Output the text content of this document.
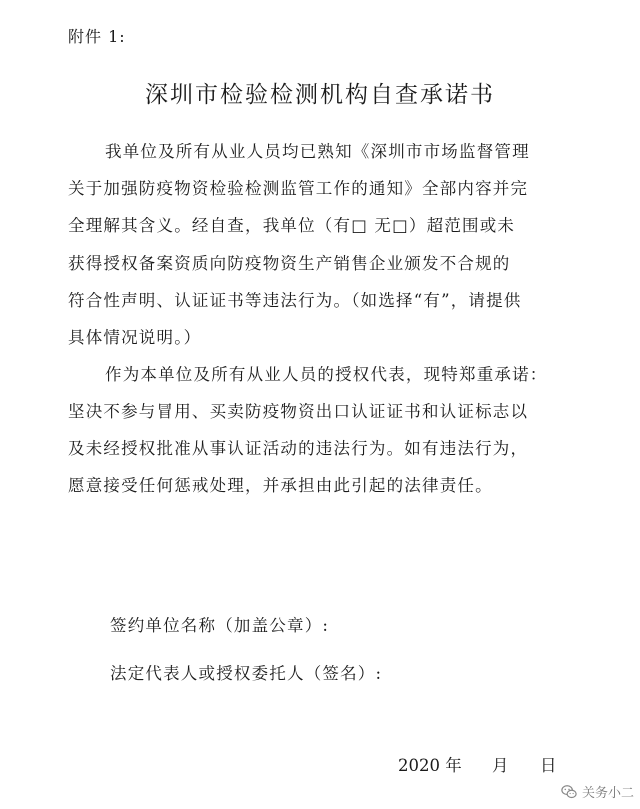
附件 1:
深圳市检验检测机构自查承诺书
我单位及所有从业人员均已熟知《深圳市市场监督管理
关于加强防疫物资检验检测监管工作的通知》全部内容并完
全理解其含义。经自查，我单位（有□ 无□）超范围或未
获得授权备案资质向防疫物资生产销售企业颁发不合规的
符合性声明、认证证书等违法行为。（如选择“有”，请提供
具体情况说明。）
作为本单位及所有从业人员的授权代表，现特郑重承诺：
坚决不参与冒用、买卖防疫物资出口认证证书和认证标志以
及未经授权批准从事认证活动的违法行为。如有违法行为，
愿意接受任何惩戒处理，并承担由此引起的法律责任。
签约单位名称（加盖公章）:
法定代表人或授权委托人（签名）:
2020 年 月 日
关务小二
